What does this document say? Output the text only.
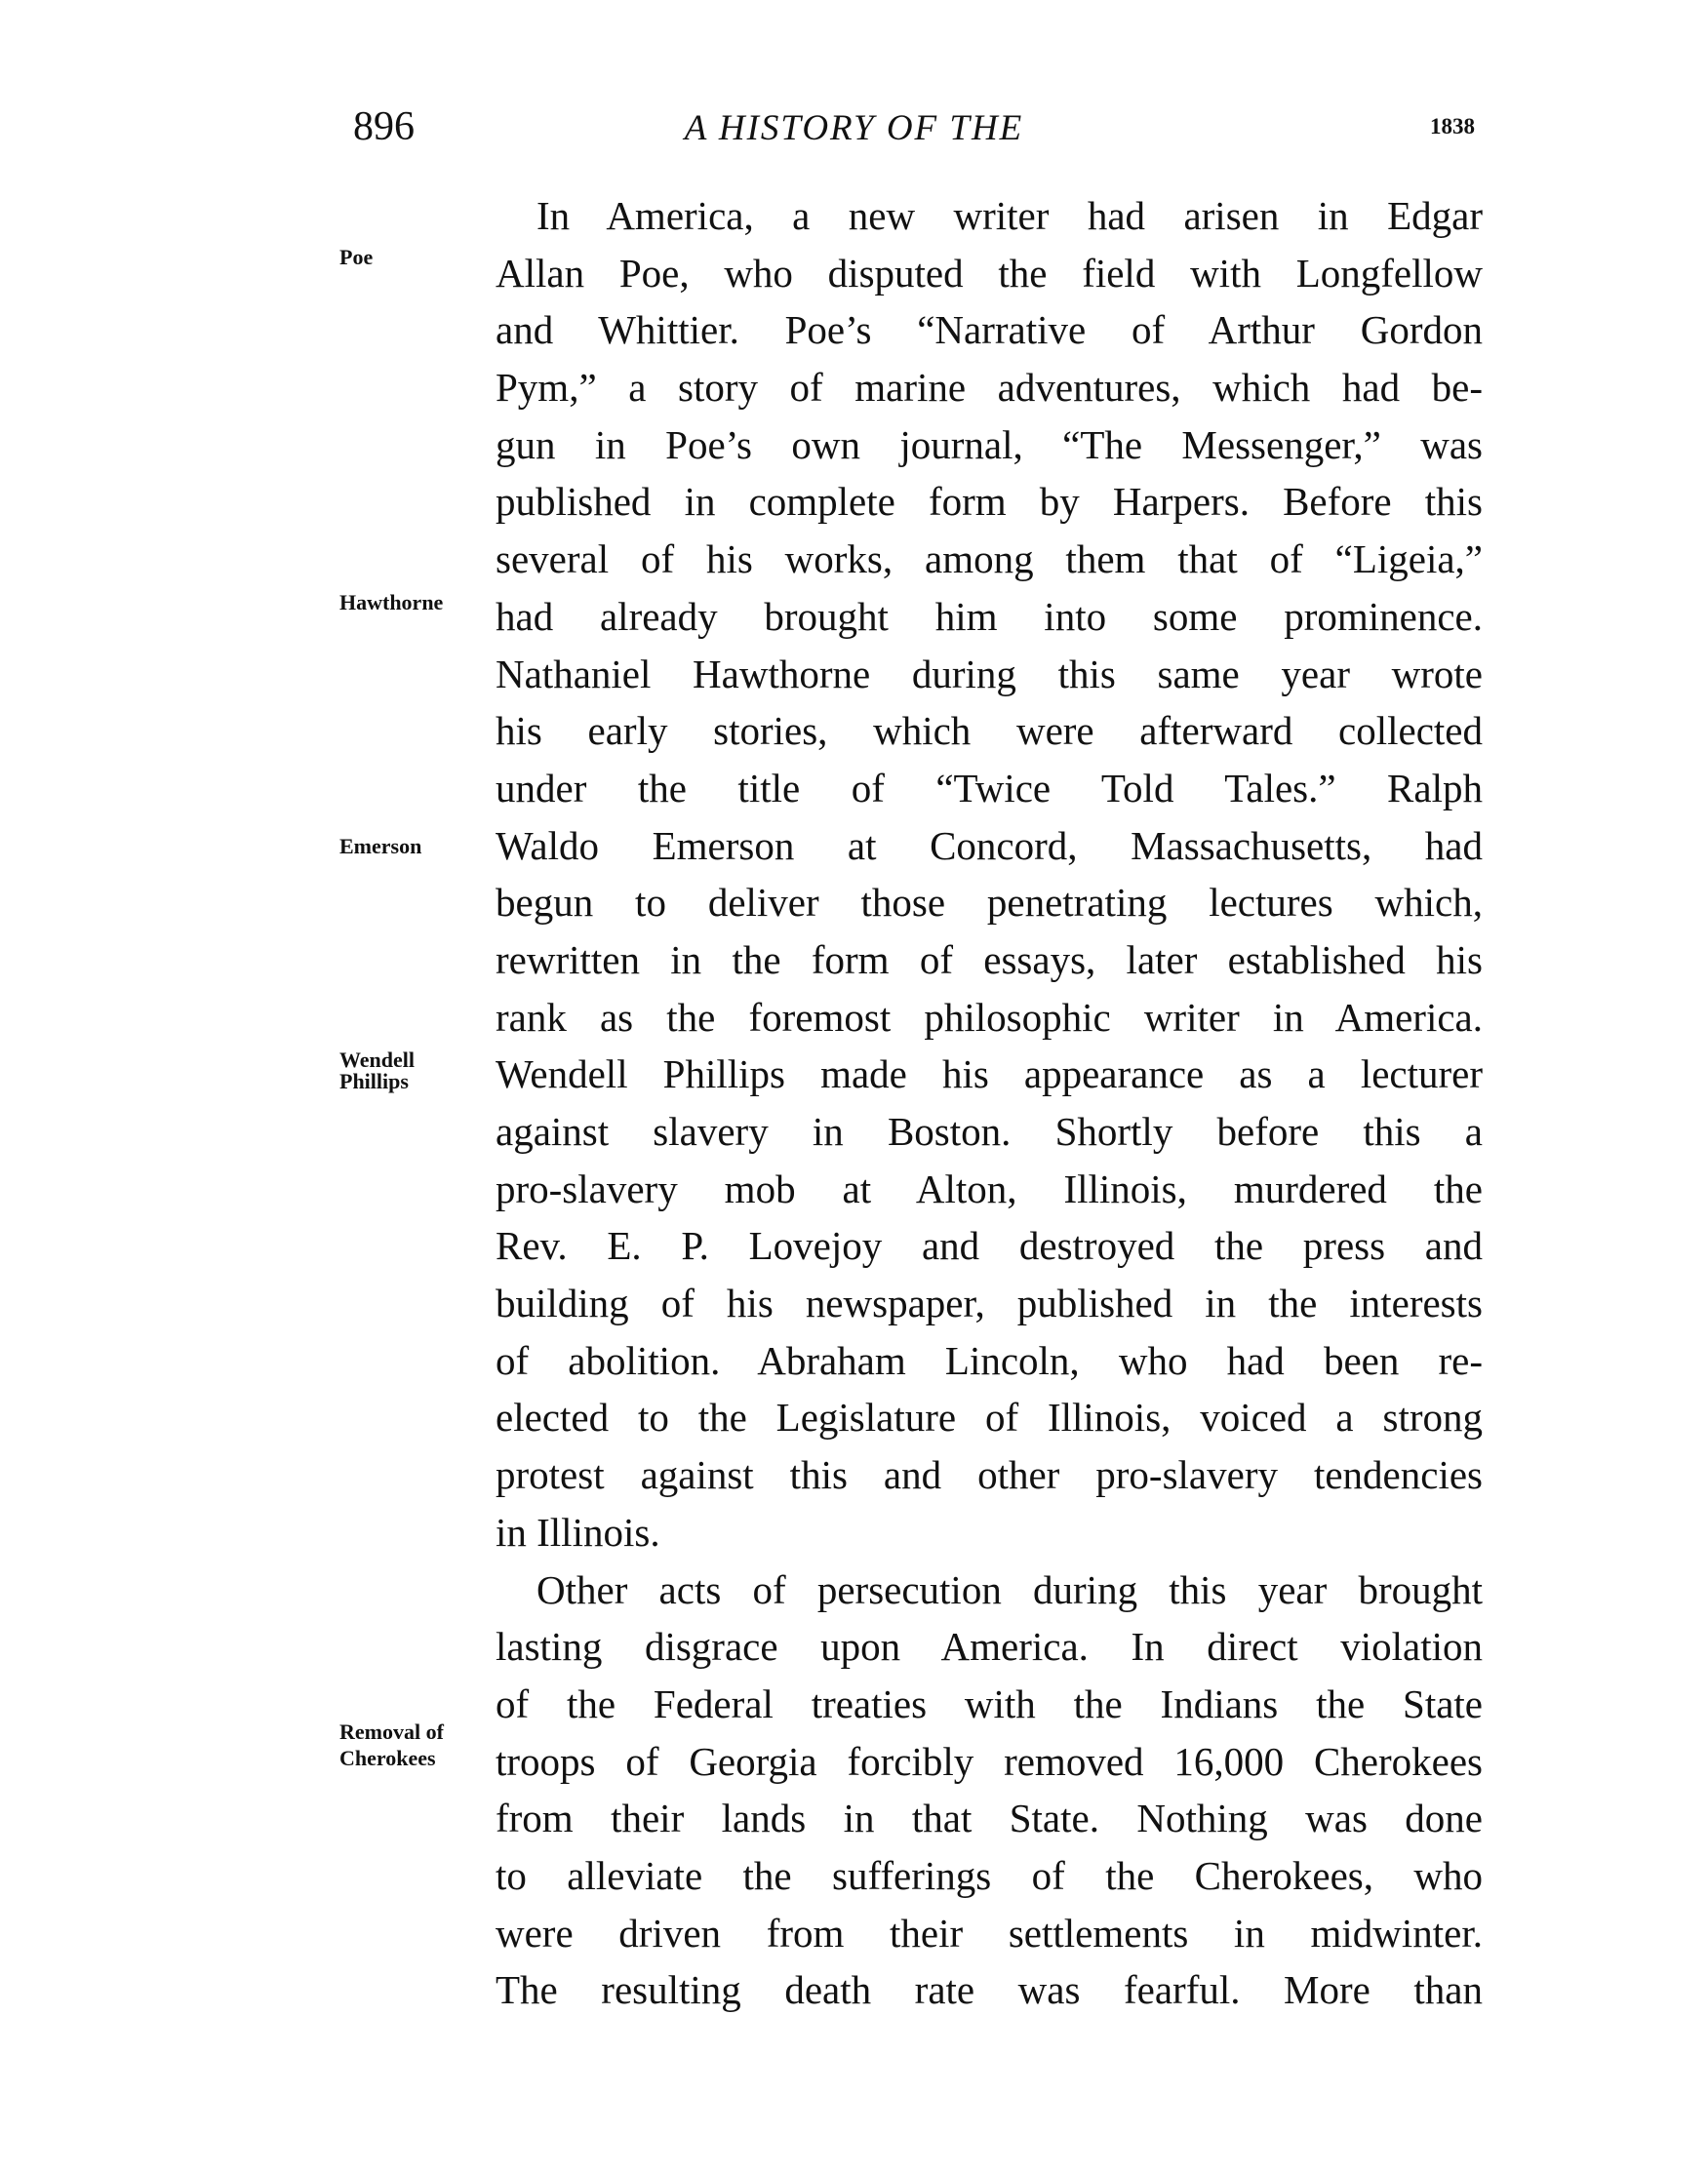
896	A HISTORY OF THE	1838
Poe
Hawthorne
Emerson
Wendell
Phillips
Removal of
Cherokees
In America, a new writer had arisen in Edgar
Allan Poe, who disputed the field with Longfellow
and Whittier. Poe’s “Narrative of Arthur Gordon
Pym,” a story of marine adventures, which had be-
gun in Poe’s own journal, “The Messenger,” was
published in complete form by Harpers. Before this
several of his works, among them that of “Ligeia,”
had already brought him into some prominence.
Nathaniel Hawthorne during this same year wrote
his early stories, which were afterward collected
under the title of “Twice Told Tales.” Ralph
Waldo Emerson at Concord, Massachusetts, had
begun to deliver those penetrating lectures which,
rewritten in the form of essays, later established his
rank as the foremost philosophic writer in America.
Wendell Phillips made his appearance as a lecturer
against slavery in Boston. Shortly before this a
pro-slavery mob at Alton, Illinois, murdered the
Rev. E. P. Lovejoy and destroyed the press and
building of his newspaper, published in the interests
of abolition. Abraham Lincoln, who had been re-
elected to the Legislature of Illinois, voiced a strong
protest against this and other pro-slavery tendencies
in Illinois.
Other acts of persecution during this year brought
lasting disgrace upon America. In direct violation
of the Federal treaties with the Indians the State
troops of Georgia forcibly removed 16,000 Cherokees
from their lands in that State. Nothing was done
to alleviate the sufferings of the Cherokees, who
were driven from their settlements in midwinter.
The resulting death rate was fearful. More than
